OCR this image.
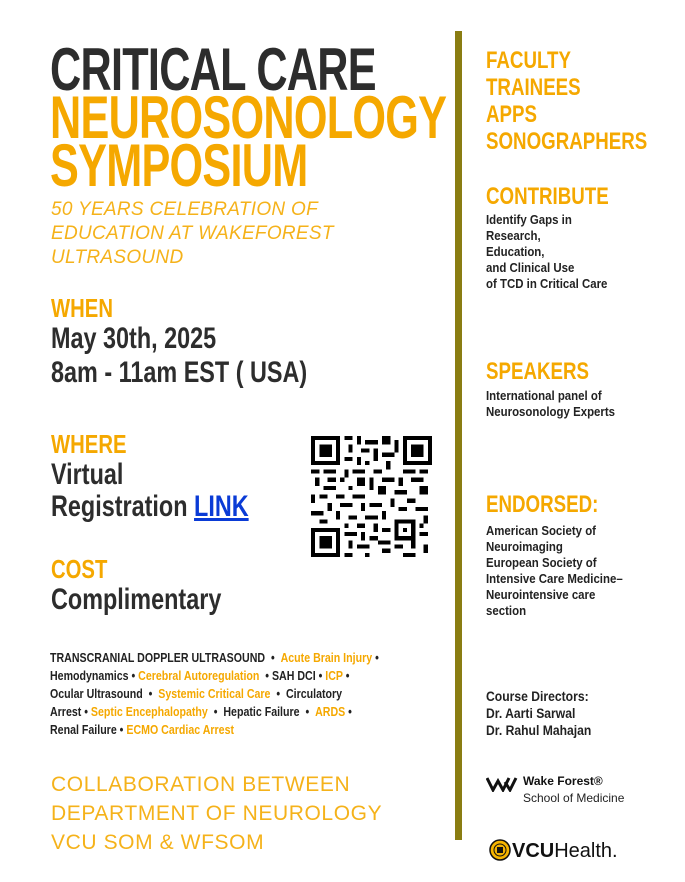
CRITICAL CARE
NEUROSONOLOGY
SYMPOSIUM
50 YEARS CELEBRATION OF
EDUCATION AT WAKEFOREST
ULTRASOUND
WHEN
May 30th, 2025
8am - 11am EST ( USA)
WHERE
Virtual
Registration LINK
COST
Complimentary
TRANSCRANIAL DOPPLER ULTRASOUND  •  Acute Brain Injury •
Hemodynamics • Cerebral Autoregulation  • SAH DCI • ICP •
Ocular Ultrasound  •  Systemic Critical Care  •  Circulatory
Arrest • Septic Encephalopathy  •  Hepatic Failure  •  ARDS •
Renal Failure • ECMO Cardiac Arrest
COLLABORATION BETWEEN
DEPARTMENT OF NEUROLOGY
VCU SOM & WFSOM
FACULTY
TRAINEES
APPS
SONOGRAPHERS
CONTRIBUTE
Identify Gaps in
Research,
Education,
and Clinical Use
of TCD in Critical Care
SPEAKERS
International panel of
Neurosonology Experts
ENDORSED:
American Society of
Neuroimaging
European Society of
Intensive Care Medicine–
Neurointensive care
section
Course Directors:
Dr. Aarti Sarwal
Dr. Rahul Mahajan
Wake Forest®
School of Medicine
VCUHealth.
